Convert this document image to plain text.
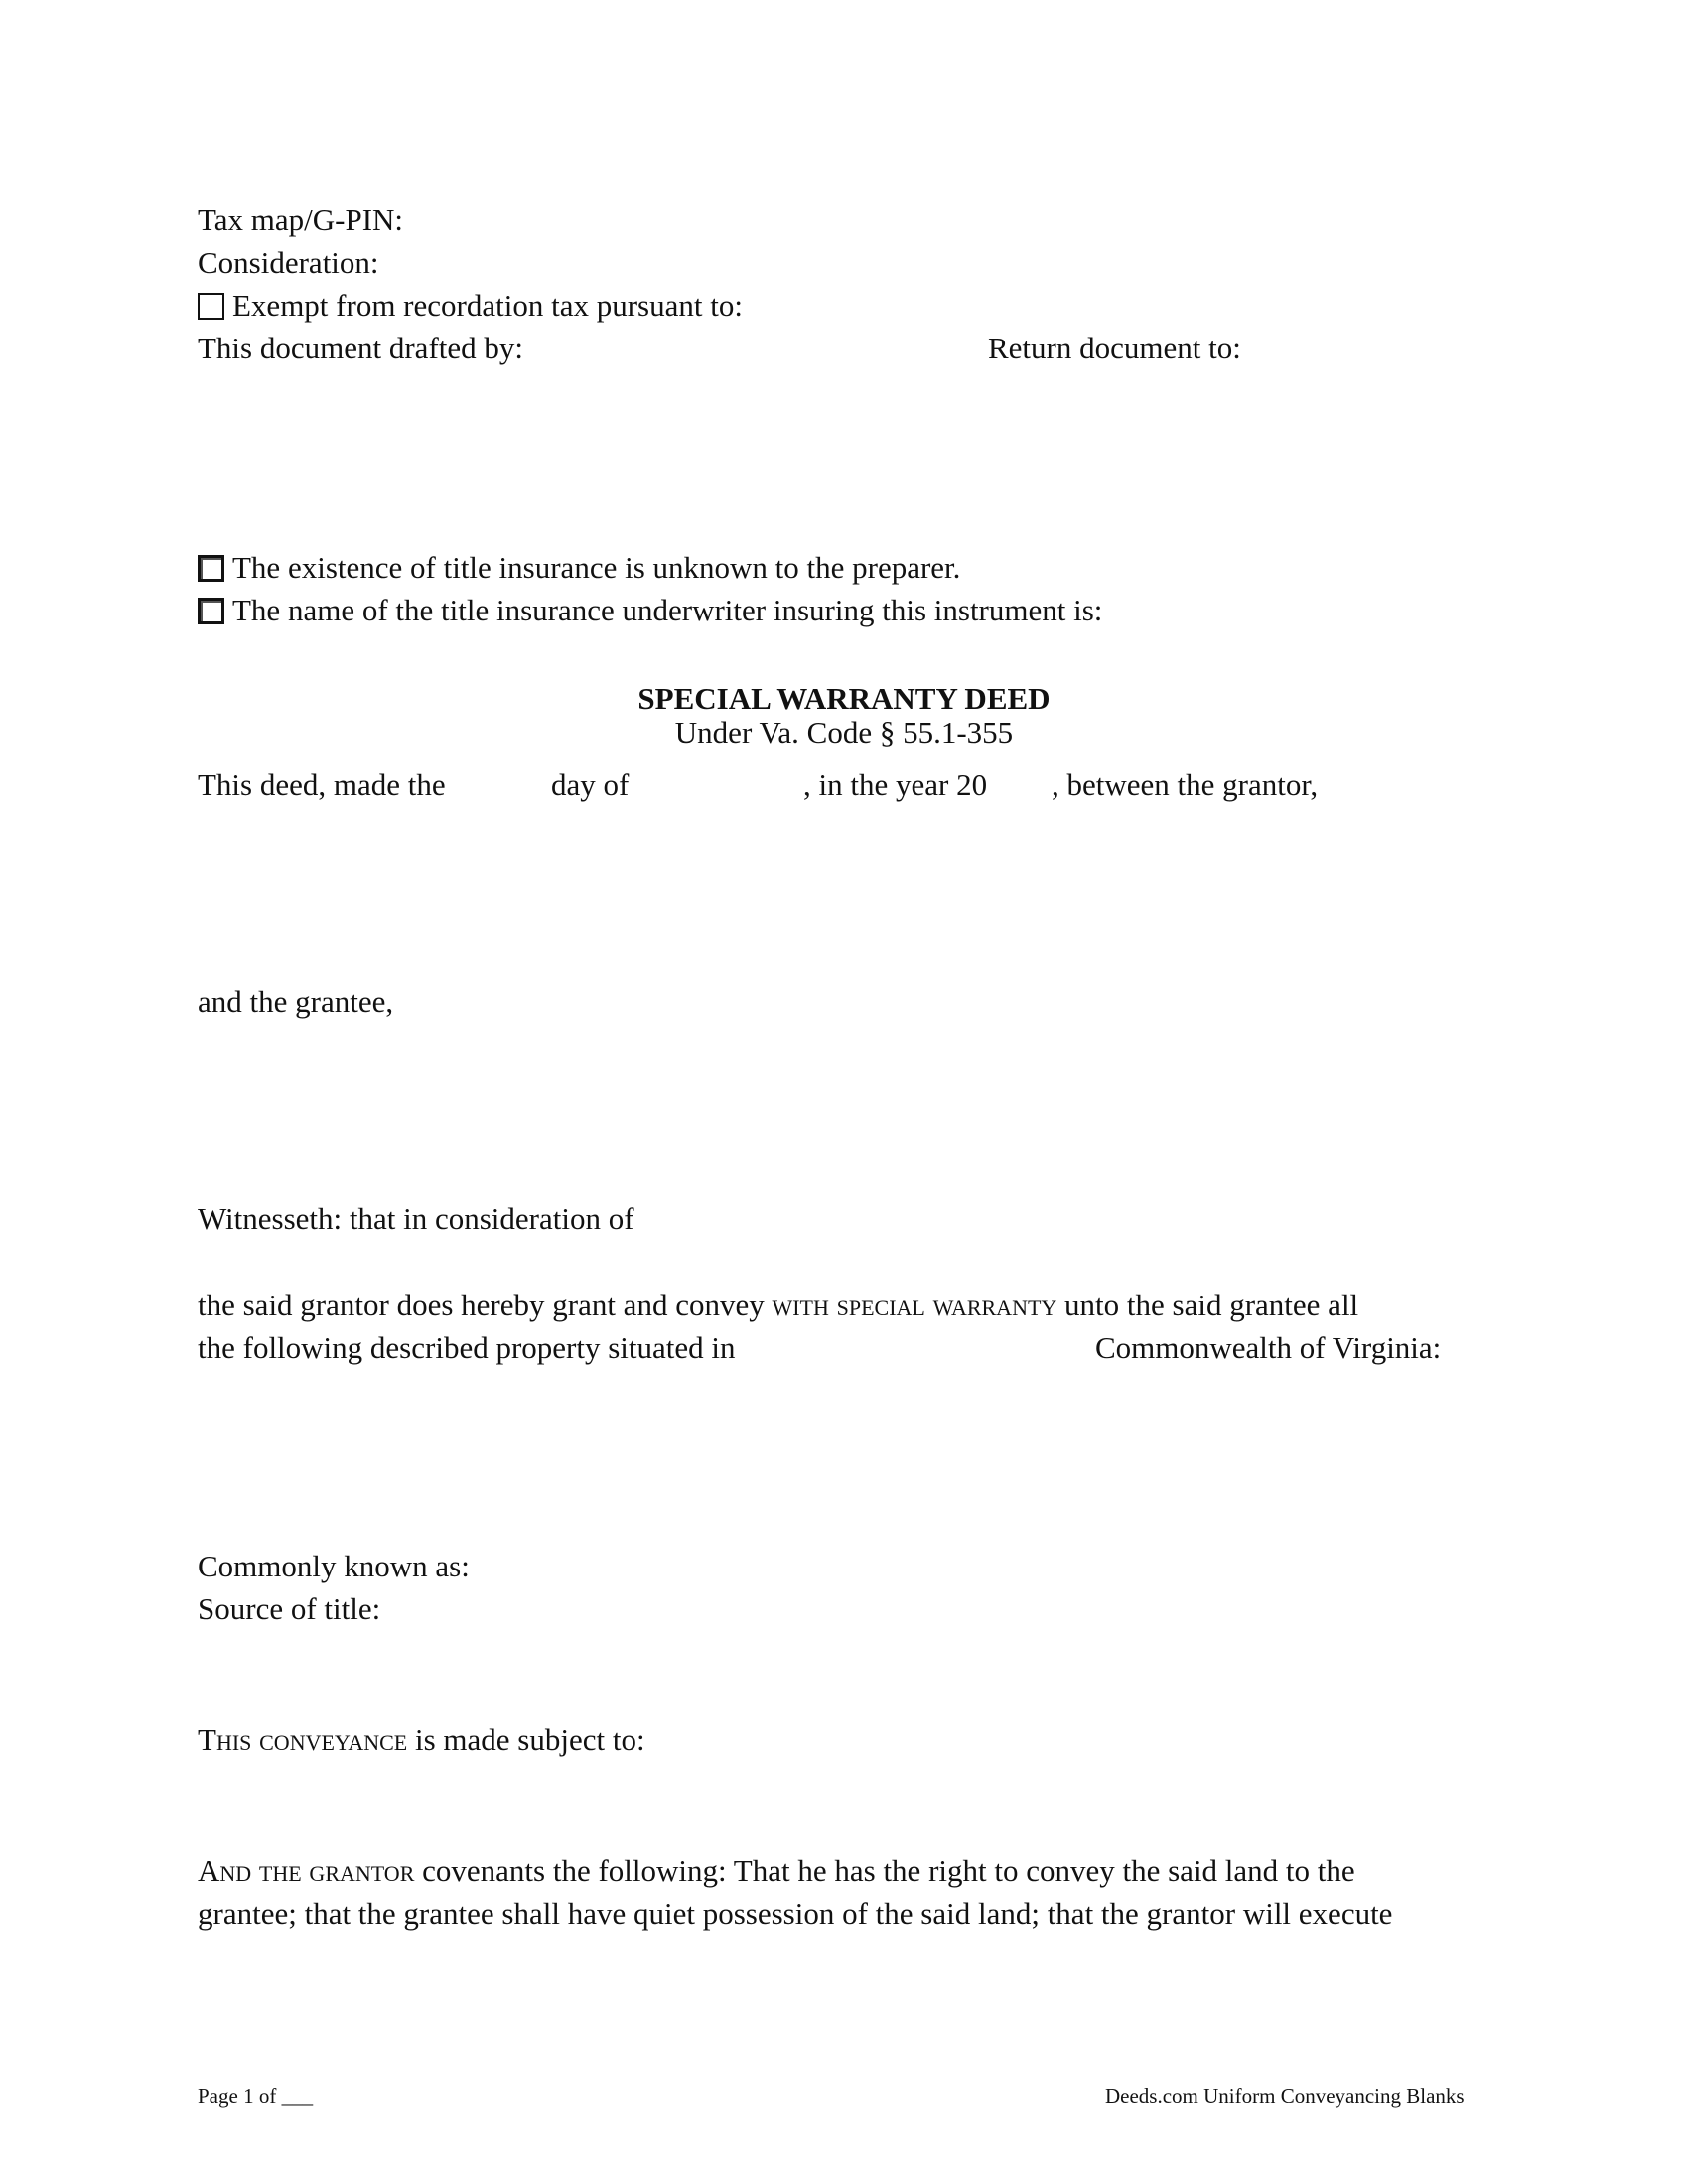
Tax map/G-PIN:
Consideration:
Exempt from recordation tax pursuant to:
This document drafted by:	Return document to:
The existence of title insurance is unknown to the preparer.
The name of the title insurance underwriter insuring this instrument is:
SPECIAL WARRANTY DEED
Under Va. Code § 55.1-355
This deed, made the	day of	, in the year 20 , between the grantor,
and the grantee,
Witnesseth: that in consideration of
the said grantor does hereby grant and convey with special warranty unto the said grantee all
the following described property situated in	Commonwealth of Virginia:
Commonly known as:
Source of title:
This conveyance is made subject to:
And the grantor covenants the following: That he has the right to convey the said land to the
grantee; that the grantee shall have quiet possession of the said land; that the grantor will execute
Page 1 of ___	Deeds.com Uniform Conveyancing Blanks
